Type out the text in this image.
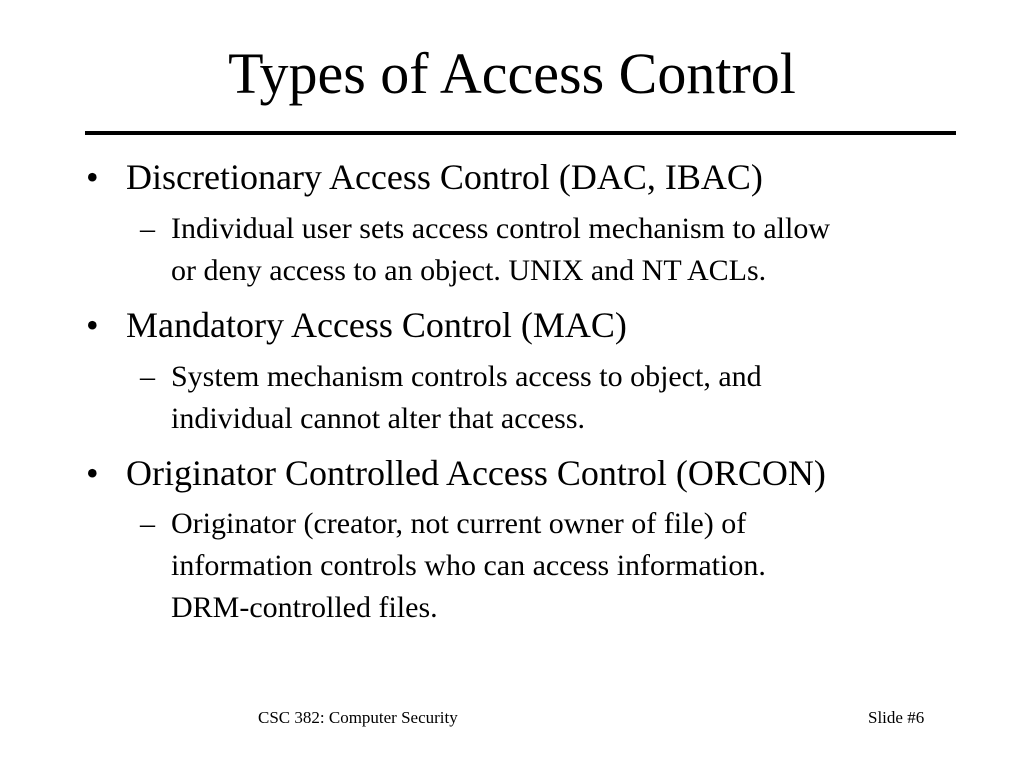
Types of Access Control
• Discretionary Access Control (DAC, IBAC)
– Individual user sets access control mechanism to allow
or deny access to an object. UNIX and NT ACLs.
• Mandatory Access Control (MAC)
– System mechanism controls access to object, and
individual cannot alter that access.
• Originator Controlled Access Control (ORCON)
– Originator (creator, not current owner of file) of
information controls who can access information.
DRM-controlled files.
CSC 382: Computer Security	Slide #6
